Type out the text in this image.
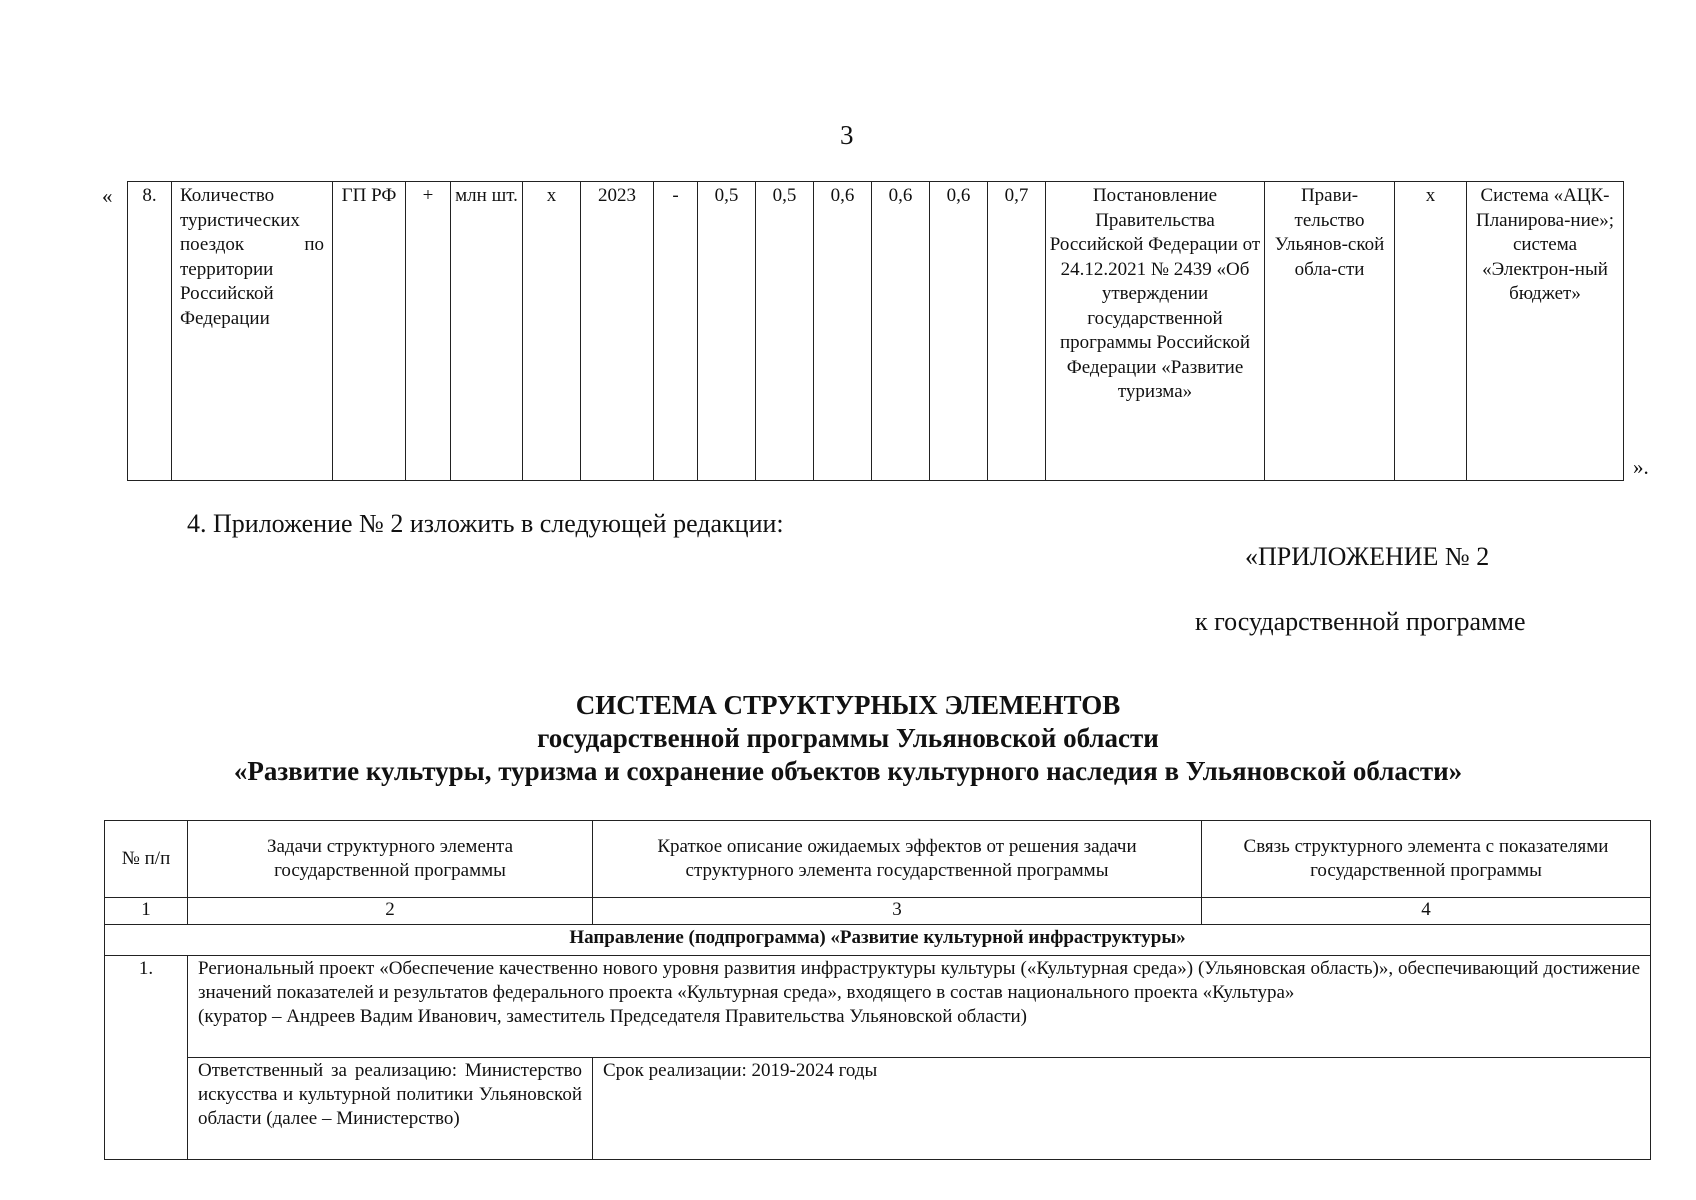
3
«
».
8.	Количество туристических поездок по территории Российской Федерации	ГП РФ	+	млн шт.	х	2023	-	0,5	0,5	0,6	0,6	0,6	0,7	Постановление Правительства Российской Федерации от 24.12.2021 № 2439 «Об утверждении государственной программы Российской Федерации «Развитие туризма»	Прави-тельство Ульянов-ской обла-сти	х	Система «АЦК-Планирова-ние»; система «Электрон-ный бюджет»
4. Приложение № 2 изложить в следующей редакции:
«ПРИЛОЖЕНИЕ № 2
к государственной программе
СИСТЕМА СТРУКТУРНЫХ ЭЛЕМЕНТОВ
государственной программы Ульяновской области
«Развитие культуры, туризма и сохранение объектов культурного наследия в Ульяновской области»
№ п/п	Задачи структурного элемента государственной программы	Краткое описание ожидаемых эффектов от решения задачи структурного элемента государственной программы	Связь структурного элемента с показателями государственной программы
1	2	3	4
Направление (подпрограмма) «Развитие культурной инфраструктуры»			
1.	Региональный проект «Обеспечение качественно нового уровня развития инфраструктуры культуры («Культурная среда») (Ульяновская область)», обеспечивающий достижение значений показателей и результатов федерального проекта «Культурная среда», входящего в состав национального проекта «Культура»
(куратор – Андреев Вадим Иванович, заместитель Председателя Правительства Ульяновской области)		

	Ответственный за реализацию: Министерство искусства и культурной политики Ульяновской области (далее – Министерство)	Срок реализации: 2019-2024 годы	
